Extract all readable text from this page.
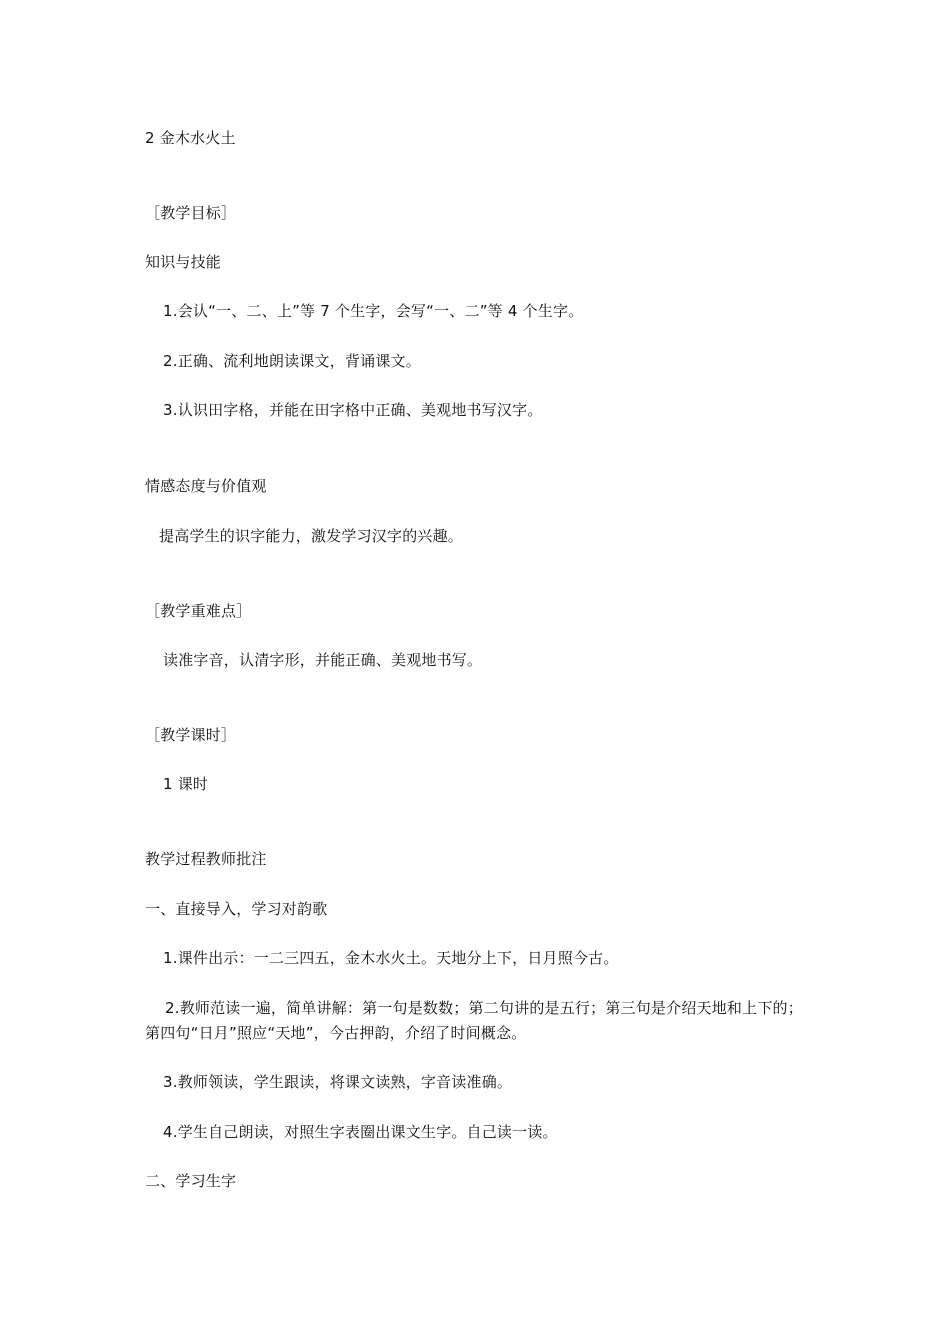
2 金木水火土
［教学目标］
知识与技能
1.会认“一、二、上”等 7 个生字，会写“一、二”等 4 个生字。
2.正确、流利地朗读课文，背诵课文。
3.认识田字格，并能在田字格中正确、美观地书写汉字。
情感态度与价值观
提高学生的识字能力，激发学习汉字的兴趣。
［教学重难点］
读准字音，认清字形，并能正确、美观地书写。
［教学课时］
1 课时
教学过程教师批注
一、直接导入，学习对韵歌
1.课件出示：一二三四五，金木水火土。天地分上下，日月照今古。
2.教师范读一遍，简单讲解：第一句是数数；第二句讲的是五行；第三句是介绍天地和上下的；第四句“日月”照应“天地”，今古押韵，介绍了时间概念。
3.教师领读，学生跟读，将课文读熟，字音读准确。
4.学生自己朗读，对照生字表圈出课文生字。自己读一读。
二、学习生字
